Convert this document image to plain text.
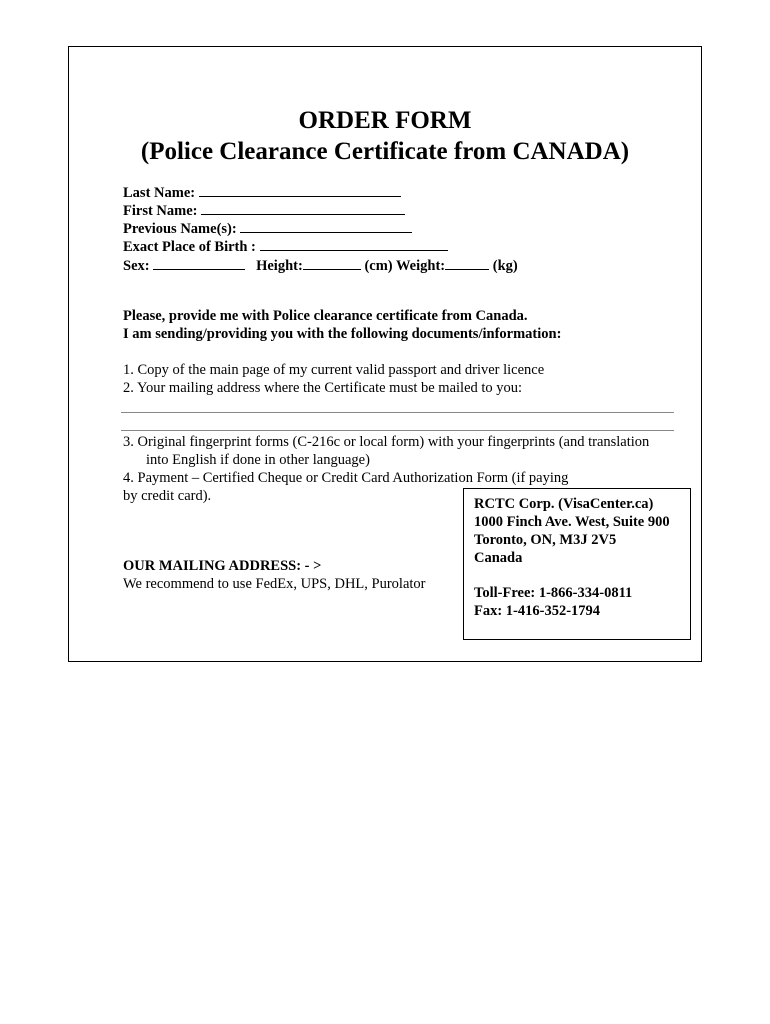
ORDER FORM
(Police Clearance Certificate from CANADA)
Last Name:
First Name:
Previous Name(s):
Exact Place of Birth :
Sex:	Height:	(cm) Weight:	(kg)
Please, provide me with Police clearance certificate from Canada.
I am sending/providing you with the following documents/information:
1. Copy of the main page of my current valid passport and driver licence
2. Your mailing address where the Certificate must be mailed to you:
3. Original fingerprint forms (C-216c or local form) with your fingerprints (and translation
into English if done in other language)
4. Payment – Certified Cheque or Credit Card Authorization Form (if paying
by credit card).
OUR MAILING ADDRESS: - >
We recommend to use FedEx, UPS, DHL, Purolator
RCTC Corp. (VisaCenter.ca)
1000 Finch Ave. West, Suite 900
Toronto, ON, M3J 2V5
Canada
Toll-Free: 1-866-334-0811
Fax: 1-416-352-1794
